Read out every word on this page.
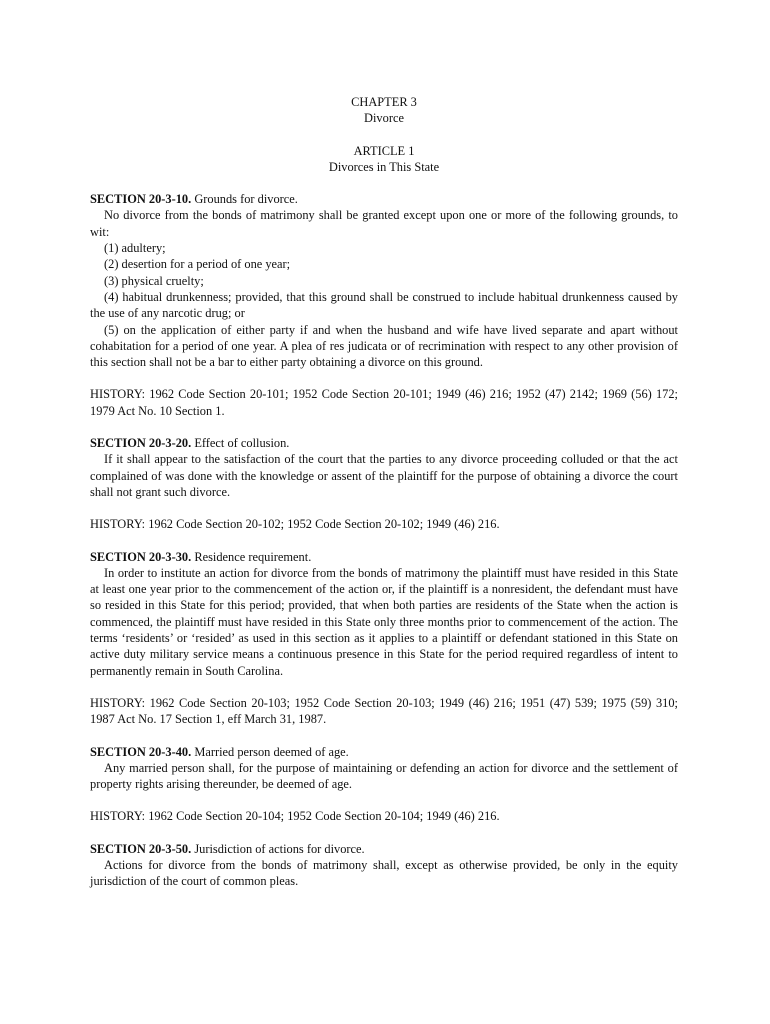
CHAPTER 3
Divorce
ARTICLE 1
Divorces in This State
SECTION 20-3-10. Grounds for divorce.

No divorce from the bonds of matrimony shall be granted except upon one or more of the following grounds, to wit:

(1) adultery;

(2) desertion for a period of one year;

(3) physical cruelty;

(4) habitual drunkenness; provided, that this ground shall be construed to include habitual drunkenness caused by the use of any narcotic drug; or

(5) on the application of either party if and when the husband and wife have lived separate and apart without cohabitation for a period of one year. A plea of res judicata or of recrimination with respect to any other provision of this section shall not be a bar to either party obtaining a divorce on this ground.

HISTORY: 1962 Code Section 20-101; 1952 Code Section 20-101; 1949 (46) 216; 1952 (47) 2142; 1969 (56) 172; 1979 Act No. 10 Section 1.

SECTION 20-3-20. Effect of collusion.

If it shall appear to the satisfaction of the court that the parties to any divorce proceeding colluded or that the act complained of was done with the knowledge or assent of the plaintiff for the purpose of obtaining a divorce the court shall not grant such divorce.

HISTORY: 1962 Code Section 20-102; 1952 Code Section 20-102; 1949 (46) 216.

SECTION 20-3-30. Residence requirement.

In order to institute an action for divorce from the bonds of matrimony the plaintiff must have resided in this State at least one year prior to the commencement of the action or, if the plaintiff is a nonresident, the defendant must have so resided in this State for this period; provided, that when both parties are residents of the State when the action is commenced, the plaintiff must have resided in this State only three months prior to commencement of the action. The terms ‘residents’ or ‘resided’ as used in this section as it applies to a plaintiff or defendant stationed in this State on active duty military service means a continuous presence in this State for the period required regardless of intent to permanently remain in South Carolina.

HISTORY: 1962 Code Section 20-103; 1952 Code Section 20-103; 1949 (46) 216; 1951 (47) 539; 1975 (59) 310; 1987 Act No. 17 Section 1, eff March 31, 1987.

SECTION 20-3-40. Married person deemed of age.

Any married person shall, for the purpose of maintaining or defending an action for divorce and the settlement of property rights arising thereunder, be deemed of age.

HISTORY: 1962 Code Section 20-104; 1952 Code Section 20-104; 1949 (46) 216.

SECTION 20-3-50. Jurisdiction of actions for divorce.

Actions for divorce from the bonds of matrimony shall, except as otherwise provided, be only in the equity jurisdiction of the court of common pleas.
